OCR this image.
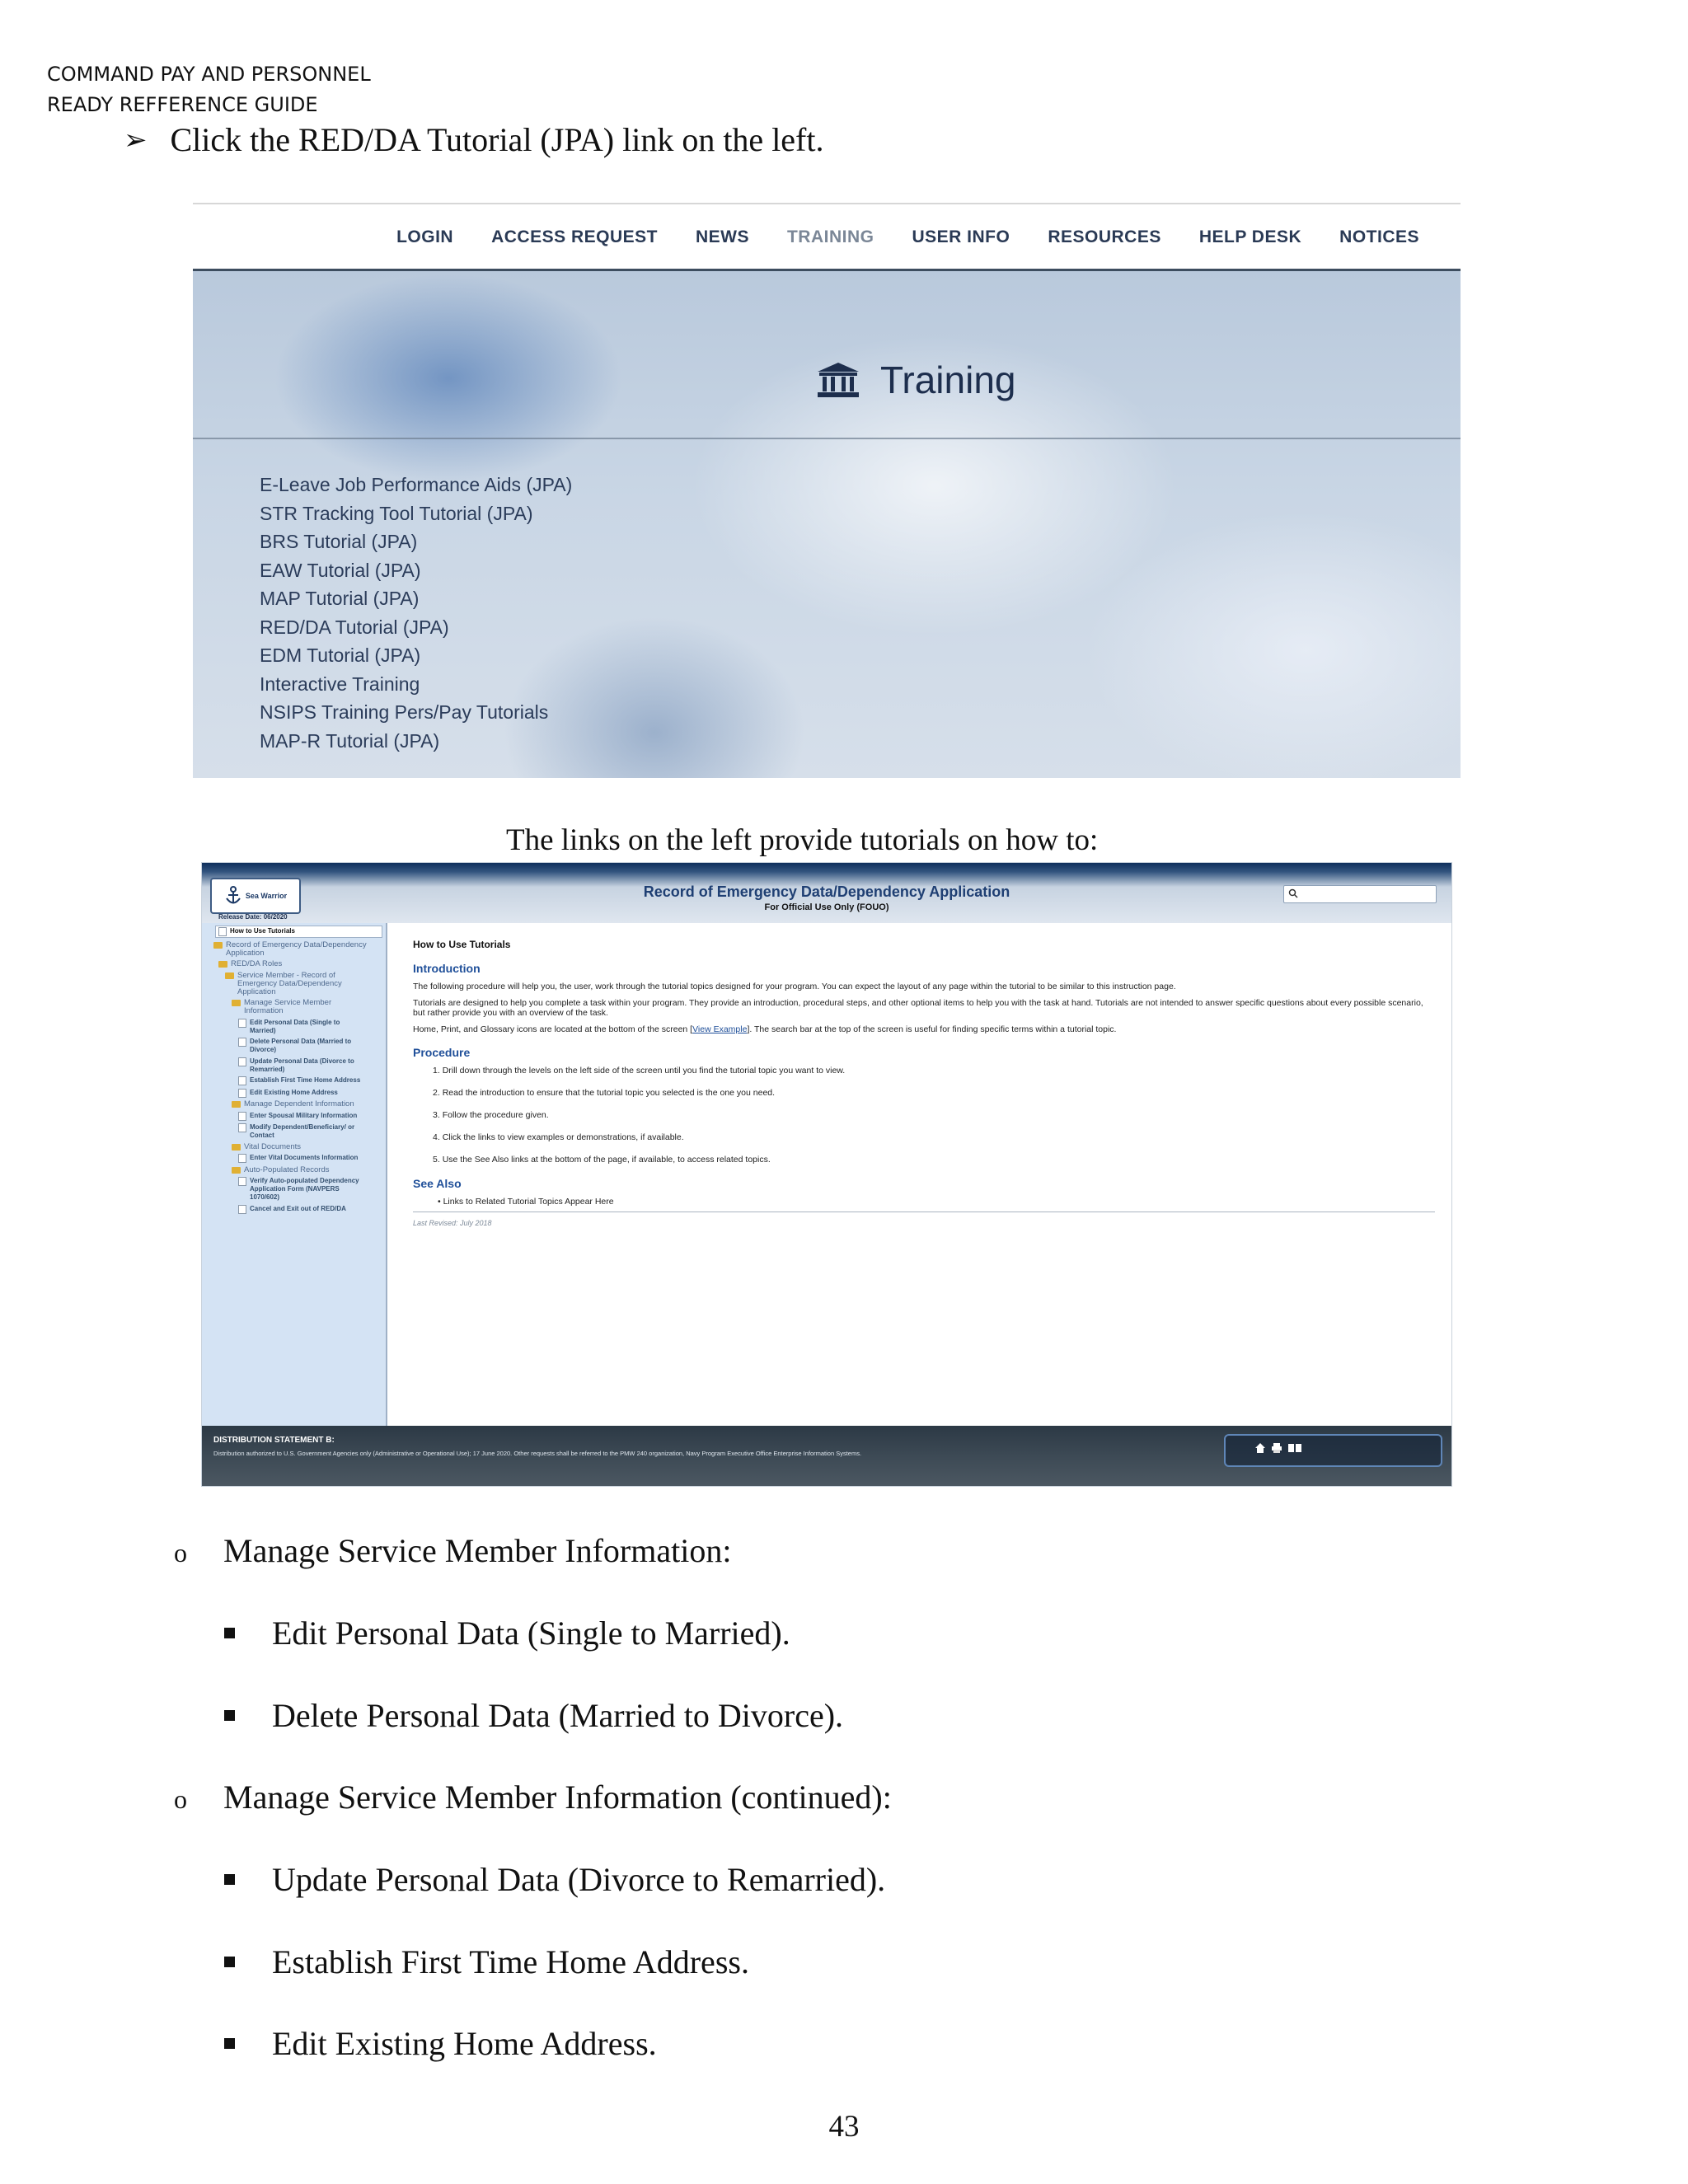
COMMAND PAY AND PERSONNEL
READY REFFERENCE GUIDE
➢ Click the RED/DA Tutorial (JPA) link on the left.
LOGIN ACCESS REQUEST NEWS TRAINING USER INFO RESOURCES HELP DESK NOTICES
Training
E-Leave Job Performance Aids (JPA)
STR Tracking Tool Tutorial (JPA)
BRS Tutorial (JPA)
EAW Tutorial (JPA)
MAP Tutorial (JPA)
RED/DA Tutorial (JPA)
EDM Tutorial (JPA)
Interactive Training
NSIPS Training Pers/Pay Tutorials
MAP-R Tutorial (JPA)
The links on the left provide tutorials on how to:
Sea Warrior
Release Date: 06/2020
Record of Emergency Data/Dependency Application
For Official Use Only (FOUO)
How to Use Tutorials
Record of Emergency Data/Dependency Application
RED/DA Roles
Service Member - Record of Emergency Data/Dependency Application
Manage Service Member Information
Edit Personal Data (Single to Married)
Delete Personal Data (Married to Divorce)
Update Personal Data (Divorce to Remarried)
Establish First Time Home Address
Edit Existing Home Address
Manage Dependent Information
Enter Spousal Military Information
Modify Dependent/Beneficiary/ or Contact
Vital Documents
Enter Vital Documents Information
Auto-Populated Records
Verify Auto-populated Dependency Application Form (NAVPERS 1070/602)
Cancel and Exit out of RED/DA
How to Use Tutorials
Introduction
The following procedure will help you, the user, work through the tutorial topics designed for your program. You can expect the layout of any page within the tutorial to be similar to this instruction page.
Tutorials are designed to help you complete a task within your program. They provide an introduction, procedural steps, and other optional items to help you with the task at hand. Tutorials are not intended to answer specific questions about every possible scenario, but rather provide you with an overview of the task.
Home, Print, and Glossary icons are located at the bottom of the screen [View Example]. The search bar at the top of the screen is useful for finding specific terms within a tutorial topic.
Procedure
1. Drill down through the levels on the left side of the screen until you find the tutorial topic you want to view.
2. Read the introduction to ensure that the tutorial topic you selected is the one you need.
3. Follow the procedure given.
4. Click the links to view examples or demonstrations, if available.
5. Use the See Also links at the bottom of the page, if available, to access related topics.
See Also
• Links to Related Tutorial Topics Appear Here
Last Revised: July 2018
DISTRIBUTION STATEMENT B:
Distribution authorized to U.S. Government Agencies only (Administrative or Operational Use); 17 June 2020. Other requests shall be referred to the PMW 240 organization, Navy Program Executive Office Enterprise Information Systems.
o	Manage Service Member Information:
Edit Personal Data (Single to Married).
Delete Personal Data (Married to Divorce).
o	Manage Service Member Information (continued):
Update Personal Data (Divorce to Remarried).
Establish First Time Home Address.
Edit Existing Home Address.
43
